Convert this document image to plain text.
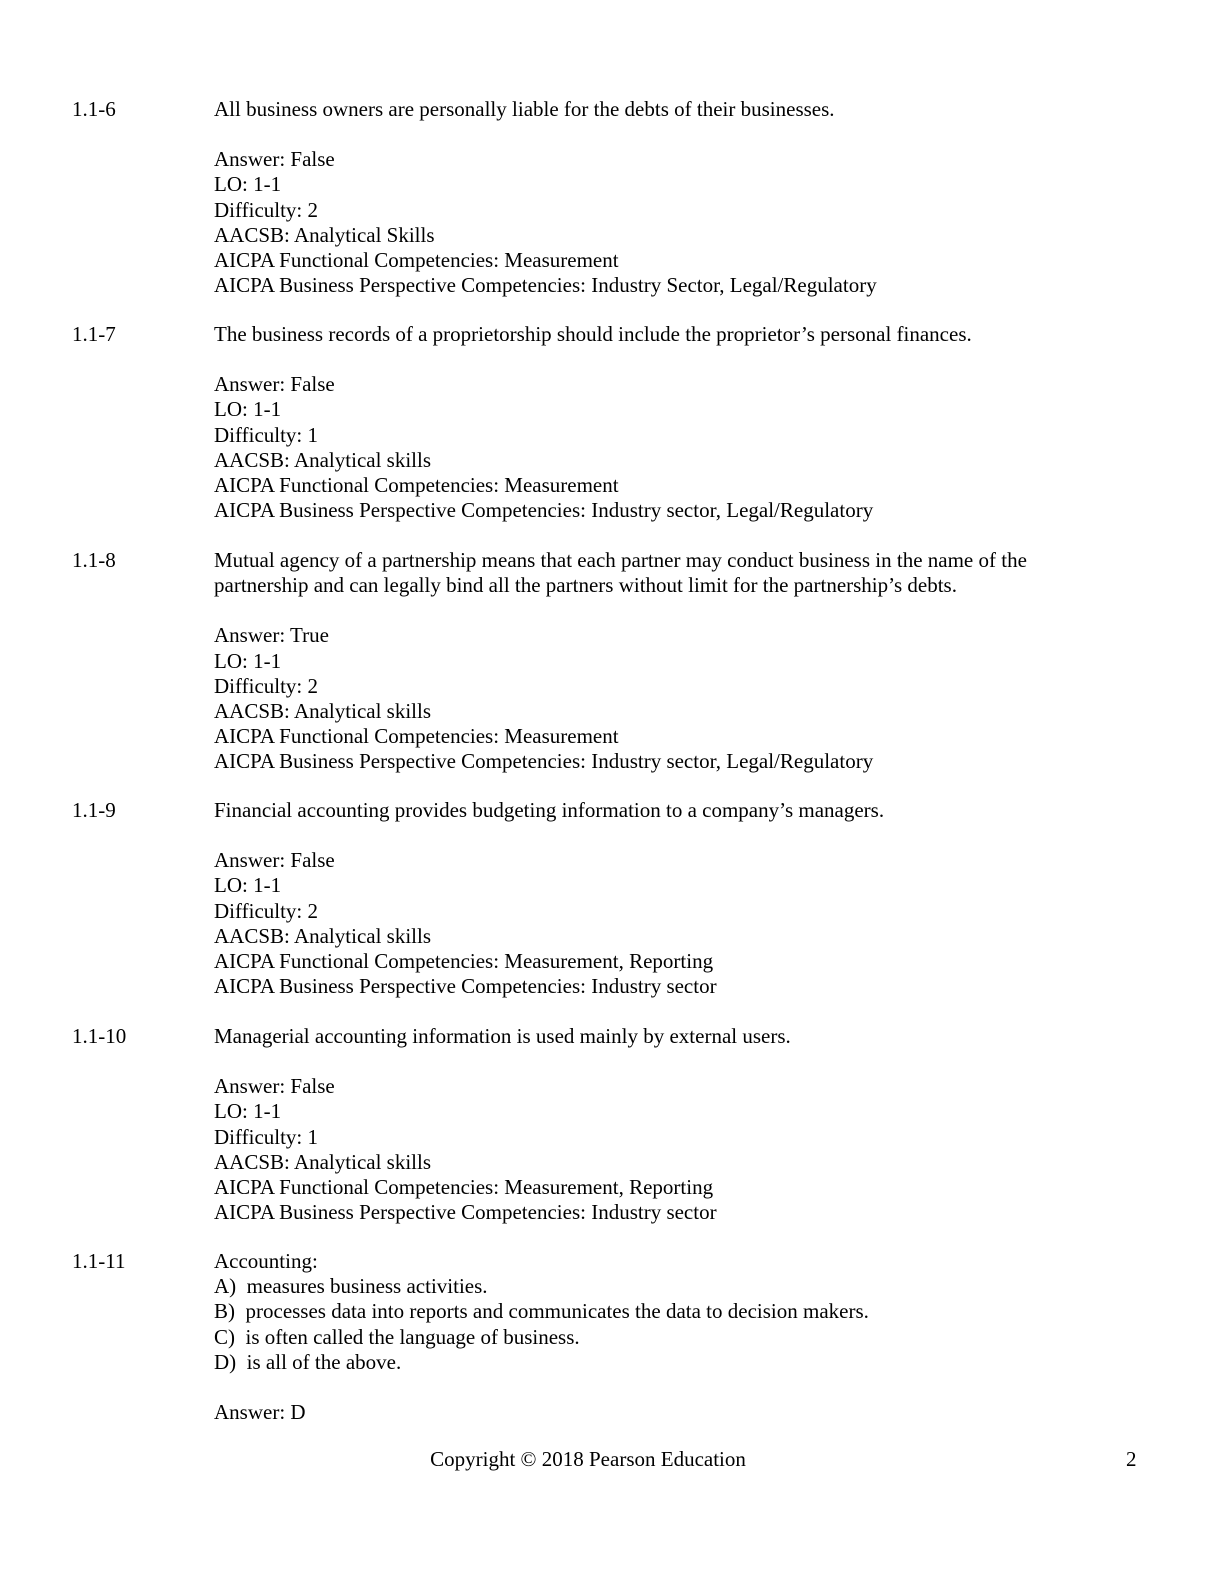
1.1-6	All business owners are personally liable for the debts of their businesses.
Answer: False
LO: 1-1
Difficulty: 2
AACSB: Analytical Skills
AICPA Functional Competencies: Measurement
AICPA Business Perspective Competencies: Industry Sector, Legal/Regulatory
1.1-7	The business records of a proprietorship should include the proprietor’s personal finances.
Answer: False
LO: 1-1
Difficulty: 1
AACSB: Analytical skills
AICPA Functional Competencies: Measurement
AICPA Business Perspective Competencies: Industry sector, Legal/Regulatory
1.1-8	Mutual agency of a partnership means that each partner may conduct business in the name of the
partnership and can legally bind all the partners without limit for the partnership’s debts.
Answer: True
LO: 1-1
Difficulty: 2
AACSB: Analytical skills
AICPA Functional Competencies: Measurement
AICPA Business Perspective Competencies: Industry sector, Legal/Regulatory
1.1-9	Financial accounting provides budgeting information to a company’s managers.
Answer: False
LO: 1-1
Difficulty: 2
AACSB: Analytical skills
AICPA Functional Competencies: Measurement, Reporting
AICPA Business Perspective Competencies: Industry sector
1.1-10	Managerial accounting information is used mainly by external users.
Answer: False
LO: 1-1
Difficulty: 1
AACSB: Analytical skills
AICPA Functional Competencies: Measurement, Reporting
AICPA Business Perspective Competencies: Industry sector
1.1-11	Accounting:
A) measures business activities.
B) processes data into reports and communicates the data to decision makers.
C) is often called the language of business.
D) is all of the above.
Answer: D
Copyright © 2018 Pearson Education	2
